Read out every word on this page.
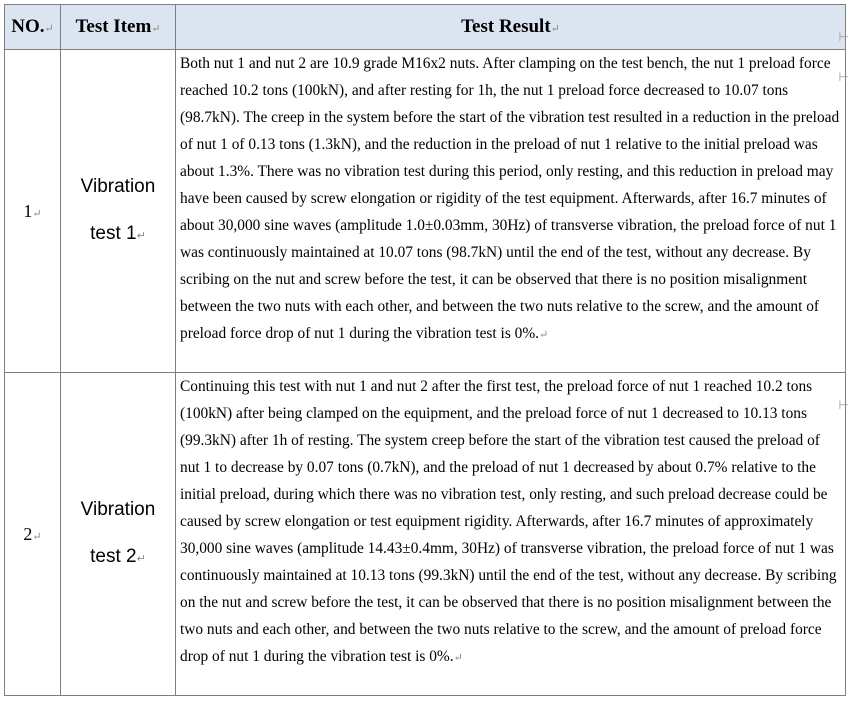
NO.↵	Test Item↵	Test Result↵
1↵	Vibration
test 1↵	Both nut 1 and nut 2 are 10.9 grade M16x2 nuts. After clamping on the test bench, the nut 1 preload force reached 10.2 tons (100kN), and after resting for 1h, the nut 1 preload force decreased to 10.07 tons (98.7kN). The creep in the system before the start of the vibration test resulted in a reduction in the preload of nut 1 of 0.13 tons (1.3kN), and the reduction in the preload of nut 1 relative to the initial preload was about 1.3%. There was no vibration test during this period, only resting, and this reduction in preload may have been caused by screw elongation or rigidity of the test equipment. Afterwards, after 16.7 minutes of about 30,000 sine waves (amplitude 1.0±0.03mm, 30Hz) of transverse vibration, the preload force of nut 1 was continuously maintained at 10.07 tons (98.7kN) until the end of the test, without any decrease. By scribing on the nut and screw before the test, it can be observed that there is no position misalignment between the two nuts with each other, and between the two nuts relative to the screw, and the amount of preload force drop of nut 1 during the vibration test is 0%.↵
2↵	Vibration
test 2↵	Continuing this test with nut 1 and nut 2 after the first test, the preload force of nut 1 reached 10.2 tons (100kN) after being clamped on the equipment, and the preload force of nut 1 decreased to 10.13 tons (99.3kN) after 1h of resting. The system creep before the start of the vibration test caused the preload of nut 1 to decrease by 0.07 tons (0.7kN), and the preload of nut 1 decreased by about 0.7% relative to the initial preload, during which there was no vibration test, only resting, and such preload decrease could be caused by screw elongation or test equipment rigidity. Afterwards, after 16.7 minutes of approximately 30,000 sine waves (amplitude 14.43±0.4mm, 30Hz) of transverse vibration, the preload force of nut 1 was continuously maintained at 10.13 tons (99.3kN) until the end of the test, without any decrease. By scribing on the nut and screw before the test, it can be observed that there is no position misalignment between the two nuts and each other, and between the two nuts relative to the screw, and the amount of preload force drop of nut 1 during the vibration test is 0%.↵
⊢
⊢
⊢
